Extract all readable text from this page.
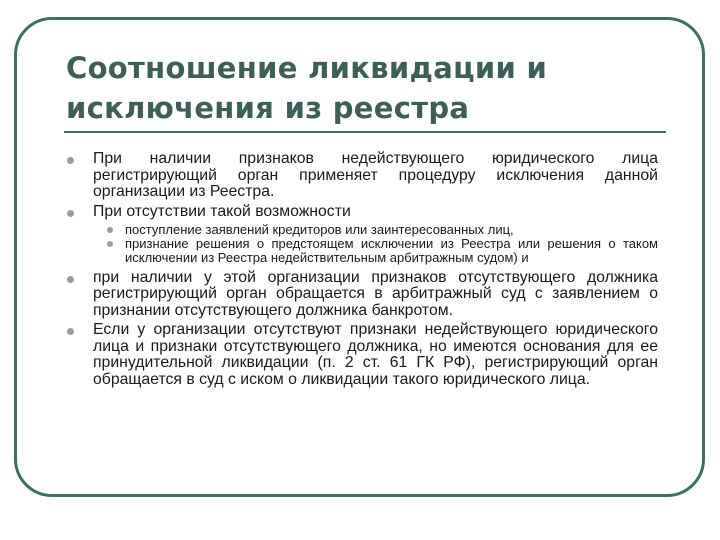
Соотношение ликвидации и
исключения из реестра
При наличии признаков недействующего юридического лица регистрирующий орган применяет процедуру исключения данной организации из Реестра.
При отсутствии такой возможности
поступление заявлений кредиторов или заинтересованных лиц,
признание решения о предстоящем исключении из Реестра или решения о таком исключении из Реестра недействительным арбитражным судом) и
при наличии у этой организации признаков отсутствующего должника регистрирующий орган обращается в арбитражный суд с заявлением о признании отсутствующего должника банкротом.
Если у организации отсутствуют признаки недействующего юридического лица и признаки отсутствующего должника, но имеются основания для ее принудительной ликвидации (п. 2 ст. 61 ГК РФ), регистрирующий орган обращается в суд с иском о ликвидации такого юридического лица.
